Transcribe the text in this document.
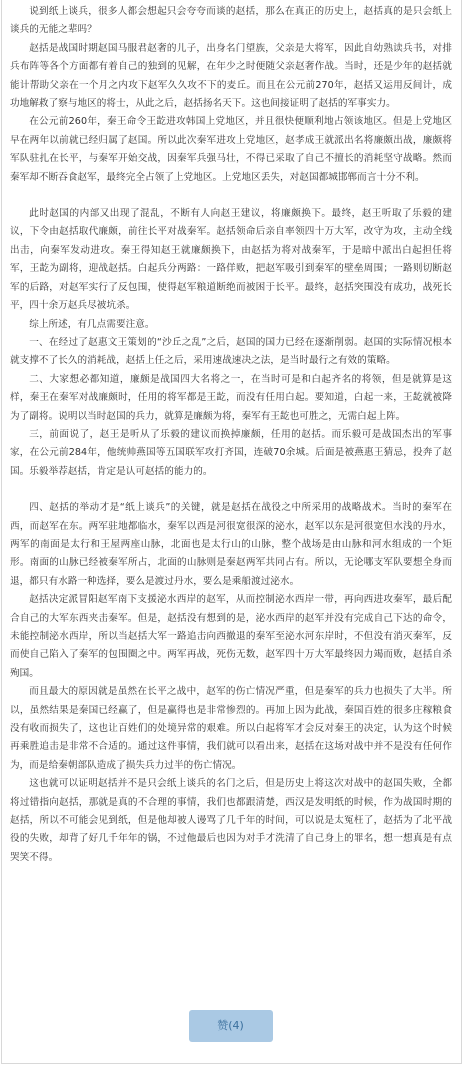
说到纸上谈兵，很多人都会想起只会夸夸而谈的赵括，那么在真正的历史上，赵括真的是只会纸上谈兵的无能之辈吗？

赵括是战国时期赵国马服君赵奢的儿子，出身名门望族，父亲是大将军，因此自幼熟读兵书，对排兵布阵等各个方面都有着自己的独到的见解，在年少之时便随父亲赵奢作战。当时，还是少年的赵括就能计帮助父亲在一个月之内攻下赵军久久攻不下的麦丘。而且在公元前270年，赵括又运用反间计，成功地解救了察与地区的将士，从此之后，赵括扬名天下。这也间接证明了赵括的军事实力。

在公元前260年，秦王命令王龁进攻韩国上党地区，并且很快便顺利地占领该地区。但是上党地区早在两年以前就已经归属了赵国。所以此次秦军进攻上党地区，赵孝成王就派出名将廉颇出战，廉颇将军队驻扎在长平，与秦军开始交战，因秦军兵强马壮，不得已采取了自己不擅长的消耗坚守战略。然而秦军却不断吞食赵军，最终完全占领了上党地区。上党地区丢失，对赵国都城邯郸而言十分不利。

此时赵国的内部又出现了混乱，不断有人向赵王建议，将廉颇换下。最终，赵王听取了乐毅的建议，下令由赵括取代廉颇，前往长平对战秦军。赵括领命后亲自率领四十万大军，改守为攻，主动全线出击，向秦军发动进攻。秦王得知赵王就廉颇换下，由赵括为将对战秦军，于是暗中派出白起担任将军，王龁为副将，迎战赵括。白起兵分两路：一路佯败，把赵军吸引到秦军的壁垒周围；一路则切断赵军的后路，对赵军实行了反包围，使得赵军粮道断绝而被困于长平。最终，赵括突围没有成功，战死长平，四十余万赵兵尽被坑杀。

综上所述，有几点需要注意。

一、在经过了赵惠文王策划的“沙丘之乱”之后，赵国的国力已经在逐渐削弱。赵国的实际情况根本就支撑不了长久的消耗战，赵括上任之后，采用速战速决之法，是当时最行之有效的策略。

二、大家想必都知道，廉颇是战国四大名将之一，在当时可是和白起齐名的将领，但是就算是这样，秦王在秦军对战廉颇时，任用的将军都是王龁，而没有任用白起。要知道，白起一来，王龁就被降为了副将。说明以当时赵国的兵力，就算是廉颇为将，秦军有王龁也可胜之，无需白起上阵。

三，前面说了，赵王是听从了乐毅的建议而换掉廉颇，任用的赵括。而乐毅可是战国杰出的军事家，在公元前284年，他统帅燕国等五国联军攻打齐国，连破70余城。后面是被燕惠王猜忌，投奔了赵国。乐毅举荐赵括，肯定是认可赵括的能力的。

四、赵括的举动才是“纸上谈兵”的关键，就是赵括在战役之中所采用的战略战术。当时的秦军在西，而赵军在东。两军驻地都临水，秦军以西是河很宽很深的泌水，赵军以东是河很宽但水浅的丹水，两军的南面是太行和王屋两座山脉，北面也是太行山的山脉，整个战场是由山脉和河水组成的一个矩形。南面的山脉已经被秦军所占，北面的山脉则是秦赵两军共同占有。所以，无论哪支军队要想全身而退，都只有水路一种选择，要么是渡过丹水，要么是乘船渡过泌水。

赵括决定派冒阳赵军南下支援泌水西岸的赵军，从而控制泌水西岸一带，再向西进攻秦军，最后配合自己的大军东西夹击秦军。但是，赵括没有想到的是，泌水西岸的赵军并没有完成自己下达的命令，未能控制泌水西岸，所以当赵括大军一路追击向西撤退的秦军至泌水河东岸时，不但没有消灭秦军，反而使自己陷入了秦军的包围圈之中。两军再战，死伤无数，赵军四十万大军最终因力竭而败，赵括自杀殉国。

而且最大的原因就是虽然在长平之战中，赵军的伤亡情况严重，但是秦军的兵力也损失了大半。所以，虽然结果是秦国已经赢了，但是赢得也是非常惨烈的。再加上因为此战，秦国百姓的很多庄稼粮食没有收而损失了，这也让百姓们的处境异常的艰难。所以白起将军才会反对秦王的决定，认为这个时候再乘胜追击是非常不合适的。通过这件事情，我们就可以看出来，赵括在这场对战中并不是没有任何作为，而是给秦朝部队造成了损失兵力过半的伤亡情况。

这也就可以证明赵括并不是只会纸上谈兵的名门之后，但是历史上将这次对战中的赵国失败，全都将过错指向赵括，那就是真的不合理的事情，我们也都跟清楚，西汉是发明纸的时候，作为战国时期的赵括，所以不可能会见到纸，但是他却被人谩骂了几千年的时间，可以说是太冤枉了，赵括为了北平战役的失败，却背了好几千年年的锅，不过他最后也因为对手才洗清了自己身上的罪名，想一想真是有点哭笑不得。

赞(4)
